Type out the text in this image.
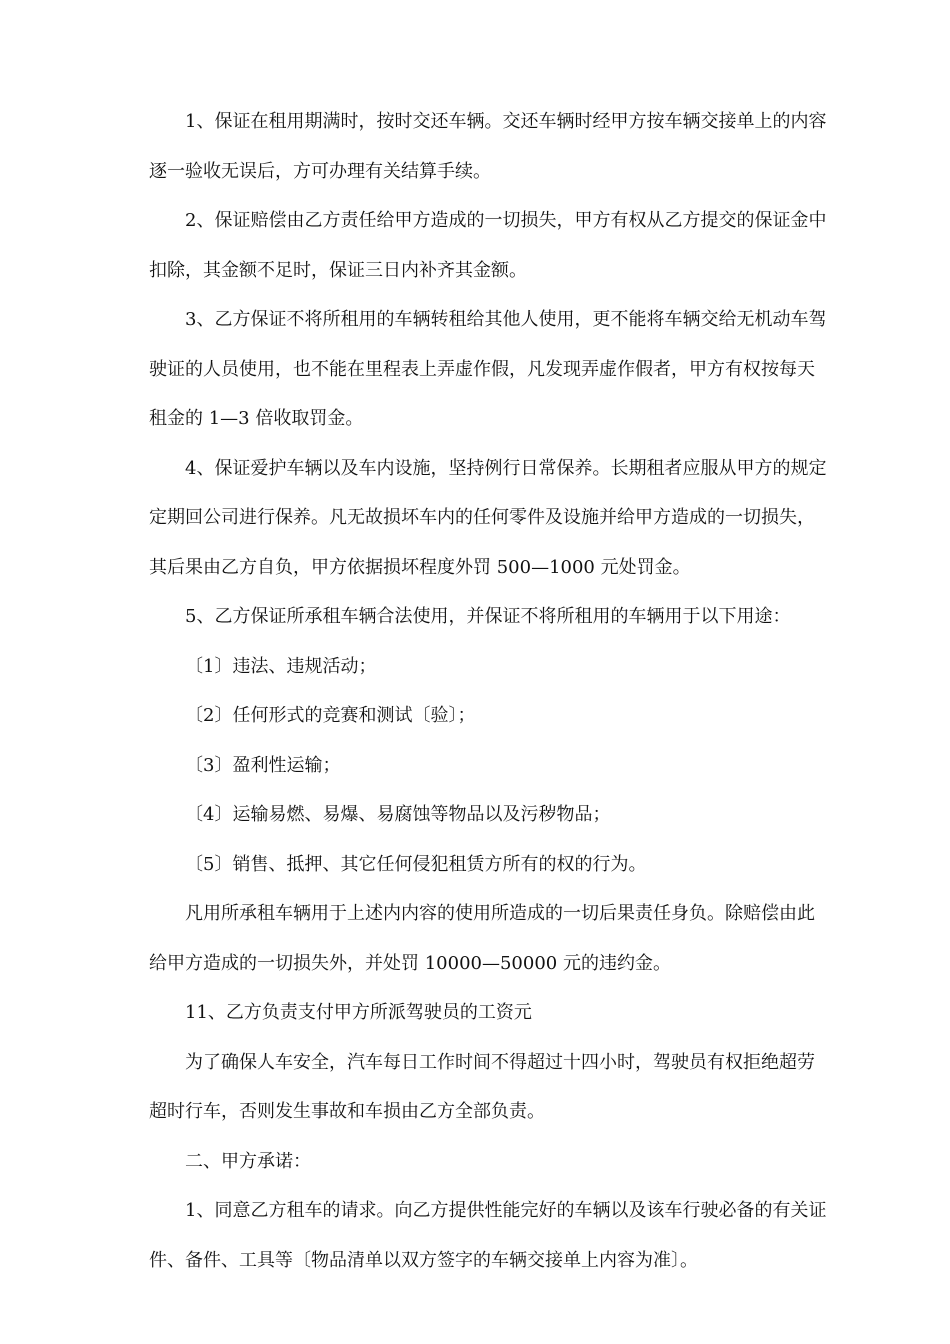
1、保证在租用期满时，按时交还车辆。交还车辆时经甲方按车辆交接单上的内容
逐一验收无误后，方可办理有关结算手续。
2、保证赔偿由乙方责任给甲方造成的一切损失，甲方有权从乙方提交的保证金中
扣除，其金额不足时，保证三日内补齐其金额。
3、乙方保证不将所租用的车辆转租给其他人使用，更不能将车辆交给无机动车驾
驶证的人员使用，也不能在里程表上弄虚作假，凡发现弄虚作假者，甲方有权按每天
租金的 1—3 倍收取罚金。
4、保证爱护车辆以及车内设施，坚持例行日常保养。长期租者应服从甲方的规定
定期回公司进行保养。凡无故损坏车内的任何零件及设施并给甲方造成的一切损失，
其后果由乙方自负，甲方依据损坏程度外罚 500—1000 元处罚金。
5、乙方保证所承租车辆合法使用，并保证不将所租用的车辆用于以下用途：
〔1〕违法、违规活动；
〔2〕任何形式的竞赛和测试〔验〕；
〔3〕盈利性运输；
〔4〕运输易燃、易爆、易腐蚀等物品以及污秽物品；
〔5〕销售、抵押、其它任何侵犯租赁方所有的权的行为。
凡用所承租车辆用于上述内内容的使用所造成的一切后果责任身负。除赔偿由此
给甲方造成的一切损失外，并处罚 10000—50000 元的违约金。
11、乙方负责支付甲方所派驾驶员的工资元
为了确保人车安全，汽车每日工作时间不得超过十四小时，驾驶员有权拒绝超劳
超时行车，否则发生事故和车损由乙方全部负责。
二、甲方承诺：
1、同意乙方租车的请求。向乙方提供性能完好的车辆以及该车行驶必备的有关证
件、备件、工具等〔物品清单以双方签字的车辆交接单上内容为准〕。
